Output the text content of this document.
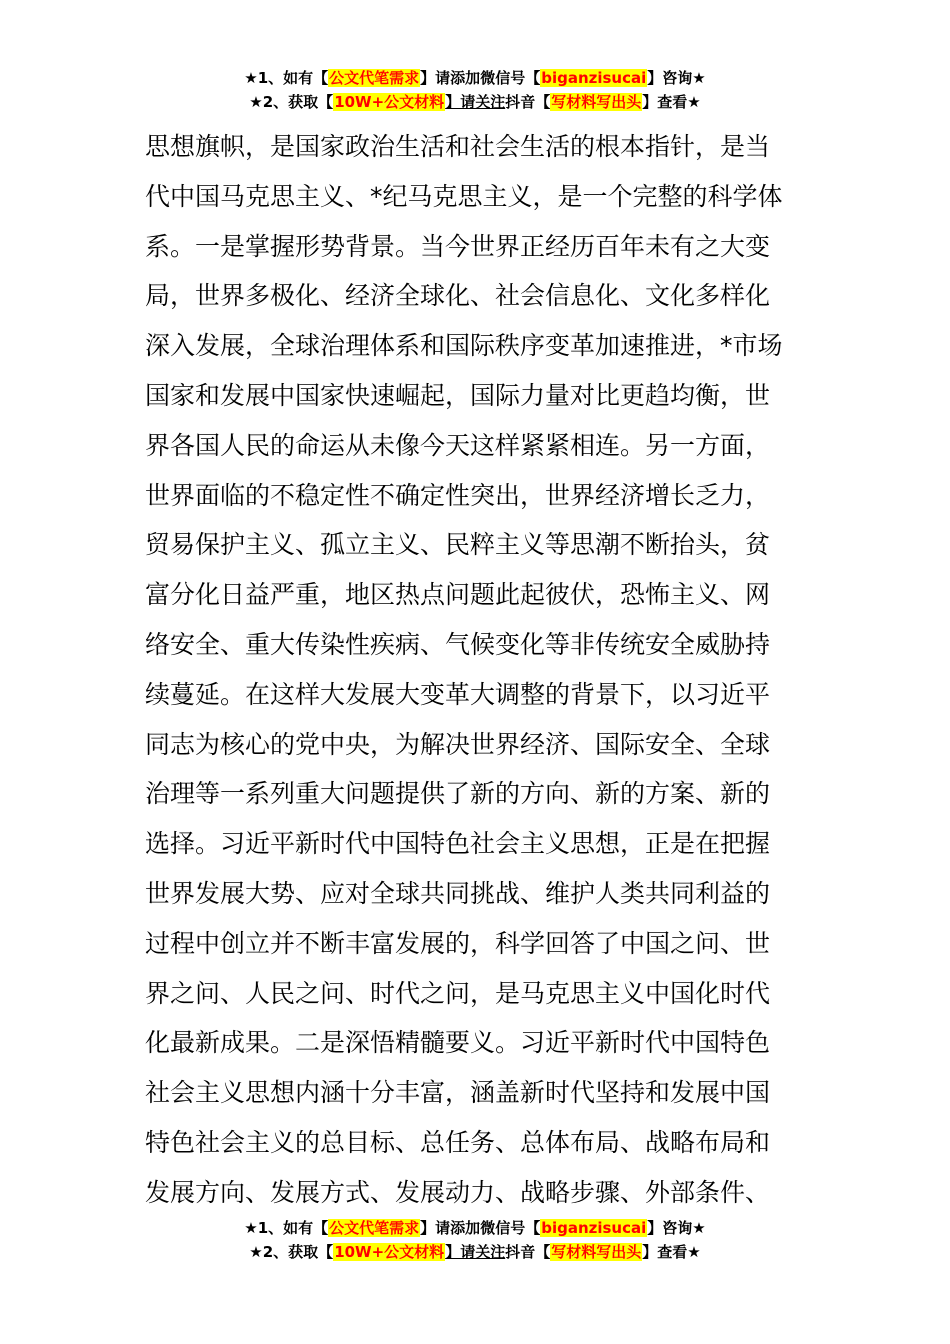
★1、如有【公文代笔需求】请添加微信号【biganzisucai】咨询★
★2、获取【10W+公文材料】请关注抖音【写材料写出头】查看★
思想旗帜，是国家政治生活和社会生活的根本指针，是当
代中国马克思主义、*纪马克思主义，是一个完整的科学体
系。一是掌握形势背景。当今世界正经历百年未有之大变
局，世界多极化、经济全球化、社会信息化、文化多样化
深入发展，全球治理体系和国际秩序变革加速推进，*市场
国家和发展中国家快速崛起，国际力量对比更趋均衡，世
界各国人民的命运从未像今天这样紧紧相连。另一方面，
世界面临的不稳定性不确定性突出，世界经济增长乏力，
贸易保护主义、孤立主义、民粹主义等思潮不断抬头，贫
富分化日益严重，地区热点问题此起彼伏，恐怖主义、网
络安全、重大传染性疾病、气候变化等非传统安全威胁持
续蔓延。在这样大发展大变革大调整的背景下，以习近平
同志为核心的党中央，为解决世界经济、国际安全、全球
治理等一系列重大问题提供了新的方向、新的方案、新的
选择。习近平新时代中国特色社会主义思想，正是在把握
世界发展大势、应对全球共同挑战、维护人类共同利益的
过程中创立并不断丰富发展的，科学回答了中国之问、世
界之问、人民之问、时代之问，是马克思主义中国化时代
化最新成果。二是深悟精髓要义。习近平新时代中国特色
社会主义思想内涵十分丰富，涵盖新时代坚持和发展中国
特色社会主义的总目标、总任务、总体布局、战略布局和
发展方向、发展方式、发展动力、战略步骤、外部条件、
★1、如有【公文代笔需求】请添加微信号【biganzisucai】咨询★
★2、获取【10W+公文材料】请关注抖音【写材料写出头】查看★
